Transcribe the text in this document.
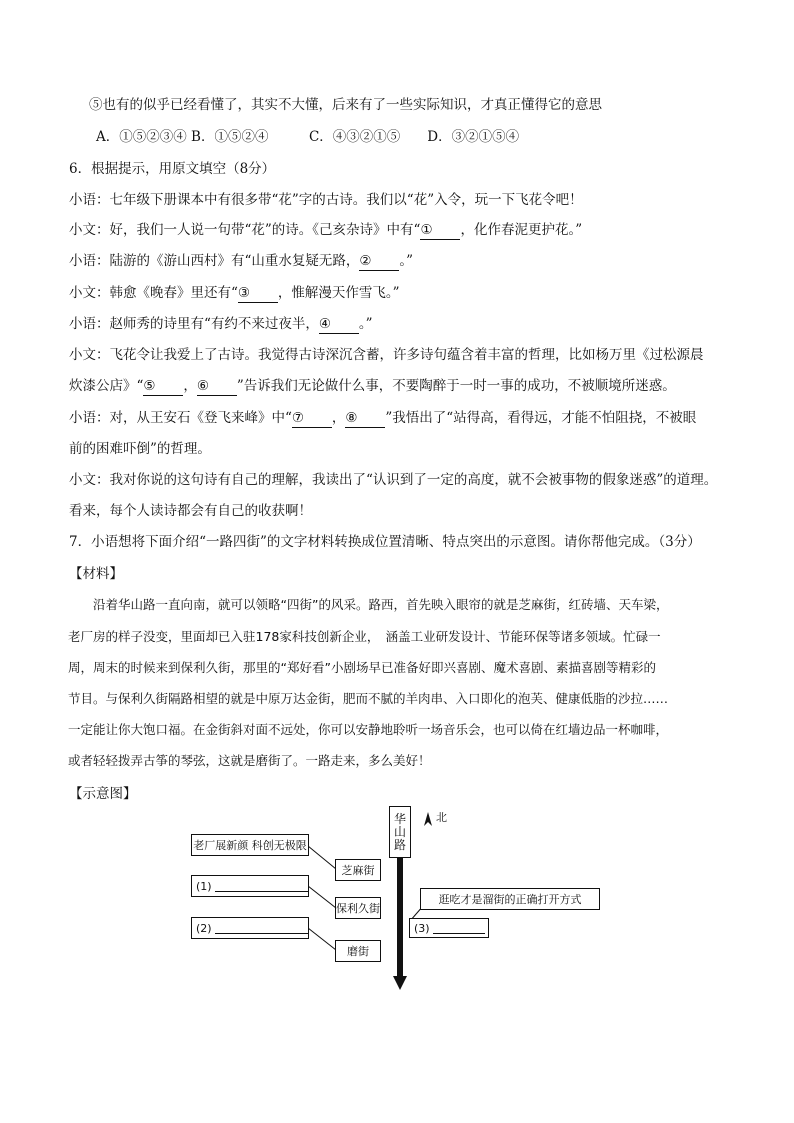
⑤也有的似乎已经看懂了，其实不大懂，后来有了一些实际知识，才真正懂得它的意思
A．①⑤②③④ B．①⑤②④　　　C．④③②①⑤　　D．③②①⑤④
6．根据提示，用原文填空（8分）
小语：七年级下册课本中有很多带“花”字的古诗。我们以“花”入令，玩一下飞花令吧！
小文：好，我们一人说一句带“花”的诗。《己亥杂诗》中有“① ，化作春泥更护花。”
小语：陆游的《游山西村》有“山重水复疑无路，② 。”
小文：韩愈《晚春》里还有“③ ，惟解漫天作雪飞。”
小语：赵师秀的诗里有“有约不来过夜半，④ 。”
小文：飞花令让我爱上了古诗。我觉得古诗深沉含蓄，许多诗句蕴含着丰富的哲理，比如杨万里《过松源晨
炊漆公店》“⑤ ，⑥ ”告诉我们无论做什么事，不要陶醉于一时一事的成功，不被顺境所迷惑。
小语：对，从王安石《登飞来峰》中“⑦ ，⑧ ”我悟出了“站得高，看得远，才能不怕阻挠，不被眼
前的困难吓倒”的哲理。
小文：我对你说的这句诗有自己的理解，我读出了“认识到了一定的高度，就不会被事物的假象迷惑”的道理。
看来，每个人读诗都会有自己的收获啊！
7．小语想将下面介绍“一路四街”的文字材料转换成位置清晰、特点突出的示意图。请你帮他完成。（3分）
【材料】
　　沿着华山路一直向南，就可以领略“四街”的风采。路西，首先映入眼帘的就是芝麻街，红砖墙、天车梁，
老厂房的样子没变，里面却已入驻178家科技创新企业，　涵盖工业研发设计、节能环保等诸多领域。忙碌一
周，周末的时候来到保利久街，那里的“郑好看”小剧场早已准备好即兴喜剧、魔术喜剧、素描喜剧等精彩的
节目。与保利久街隔路相望的就是中原万达金街，肥而不腻的羊肉串、入口即化的泡芙、健康低脂的沙拉……
一定能让你大饱口福。在金街斜对面不远处，你可以安静地聆听一场音乐会，也可以倚在红墙边品一杯咖啡，
或者轻轻拨弄古筝的琴弦，这就是磨街了。一路走来，多么美好！
【示意图】
华山路
北
老厂展新颜 科创无极限
芝麻街
(1)
保利久街
(2)
磨街
逛吃才是溜街的正确打开方式
(3)
